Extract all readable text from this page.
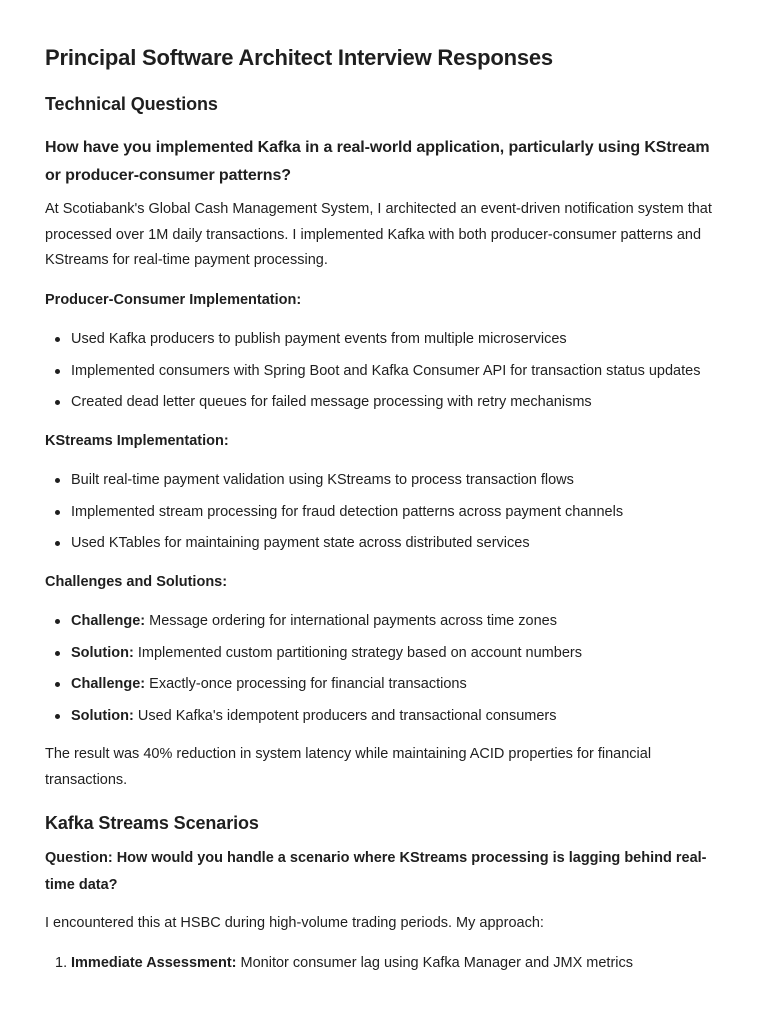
Principal Software Architect Interview Responses
Technical Questions
How have you implemented Kafka in a real-world application, particularly using KStream or producer-consumer patterns?

At Scotiabank's Global Cash Management System, I architected an event-driven notification system that processed over 1M daily transactions. I implemented Kafka with both producer-consumer patterns and KStreams for real-time payment processing.

Producer-Consumer Implementation:
Used Kafka producers to publish payment events from multiple microservices
Implemented consumers with Spring Boot and Kafka Consumer API for transaction status updates
Created dead letter queues for failed message processing with retry mechanisms
KStreams Implementation:
Built real-time payment validation using KStreams to process transaction flows
Implemented stream processing for fraud detection patterns across payment channels
Used KTables for maintaining payment state across distributed services
Challenges and Solutions:
Challenge: Message ordering for international payments across time zones
Solution: Implemented custom partitioning strategy based on account numbers
Challenge: Exactly-once processing for financial transactions
Solution: Used Kafka's idempotent producers and transactional consumers

The result was 40% reduction in system latency while maintaining ACID properties for financial transactions.

Kafka Streams Scenarios
Question: How would you handle a scenario where KStreams processing is lagging behind real-time data?

I encountered this at HSBC during high-volume trading periods. My approach:

1. Immediate Assessment: Monitor consumer lag using Kafka Manager and JMX metrics
